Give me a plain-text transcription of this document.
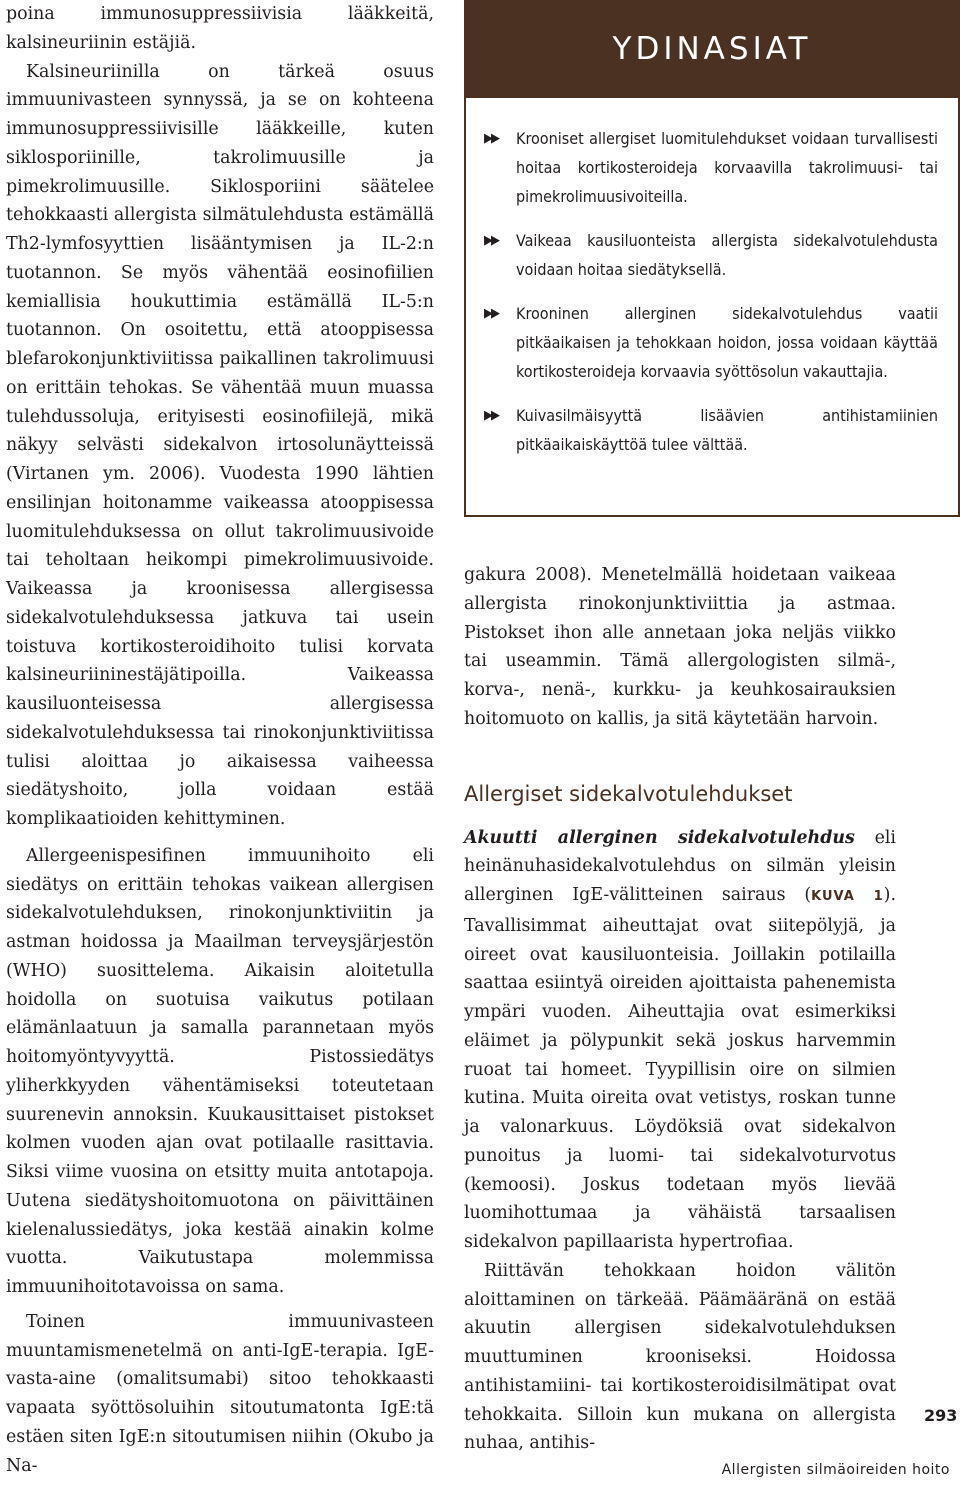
poina immunosuppressiivisia lääkkeitä, kalsineuriinin estäjiä.

Kalsineuriinilla on tärkeä osuus immuunivasteen synnyssä, ja se on kohteena immunosuppressiivisille lääkkeille, kuten siklosporiinille, takrolimuusille ja pimekrolimuusille. Siklosporiini säätelee tehokkaasti allergista silmätulehdusta estämällä Th2-lymfosyyttien lisääntymisen ja IL-2:n tuotannon. Se myös vähentää eosinofiilien kemiallisia houkuttimia estämällä IL-5:n tuotannon. On osoitettu, että atooppisessa blefarokonjunktiviitissa paikallinen takrolimuusi on erittäin tehokas. Se vähentää muun muassa tulehdussoluja, erityisesti eosinofiilejä, mikä näkyy selvästi sidekalvon irtosolunäytteissä (Virtanen ym. 2006). Vuodesta 1990 lähtien ensilinjan hoitonamme vaikeassa atooppisessa luomitulehduksessa on ollut takrolimuusivoide tai teholtaan heikompi pimekrolimuusivoide. Vaikeassa ja kroonisessa allergisessa sidekalvotulehduksessa jatkuva tai usein toistuva kortikosteroidihoito tulisi korvata kalsineuriininestäjätipoilla. Vaikeassa kausiluonteisessa allergisessa sidekalvotulehduksessa tai rinokonjunktiviitissa tulisi aloittaa jo aikaisessa vaiheessa siedätyshoito, jolla voidaan estää komplikaatioiden kehittyminen.

Allergeenispesifinen immuunihoito eli siedätys on erittäin tehokas vaikean allergisen sidekalvotulehduksen, rinokonjunktiviitin ja astman hoidossa ja Maailman terveysjärjestön (WHO) suosittelema. Aikaisin aloitetulla hoidolla on suotuisa vaikutus potilaan elämänlaatuun ja samalla parannetaan myös hoitomyöntyvyyttä. Pistossiedätys yliherkkyyden vähentämiseksi toteutetaan suurenevin annoksin. Kuukausittaiset pistokset kolmen vuoden ajan ovat potilaalle rasittavia. Siksi viime vuosina on etsitty muita antotapoja. Uutena siedätyshoitomuotona on päivittäinen kielenalussiedätys, joka kestää ainakin kolme vuotta. Vaikutustapa molemmissa immuunihoitotavoissa on sama.

Toinen immuunivasteen muuntamismenetelmä on anti-IgE-terapia. IgE-vasta-aine (omalitsumabi) sitoo tehokkaasti vapaata syöttösoluihin sitoutumatonta IgE:tä estäen siten IgE:n sitoutumisen niihin (Okubo ja Na-

YDINASIAT
▶▶ Krooniset allergiset luomitulehdukset voidaan turvallisesti hoitaa kortikosteroideja korvaavilla takrolimuusi- tai pimekrolimuusivoiteilla.
▶▶ Vaikeaa kausiluonteista allergista sidekalvotulehdusta voidaan hoitaa siedätyksellä.
▶▶ Krooninen allerginen sidekalvotulehdus vaatii pitkäaikaisen ja tehokkaan hoidon, jossa voidaan käyttää kortikosteroideja korvaavia syöttösolun vakauttajia.
▶▶ Kuivasilmäisyyttä lisäävien antihistamiinien pitkäaikaiskäyttöä tulee välttää.

gakura 2008). Menetelmällä hoidetaan vaikeaa allergista rinokonjunktiviittia ja astmaa. Pistokset ihon alle annetaan joka neljäs viikko tai useammin. Tämä allergologisten silmä-, korva-, nenä-, kurkku- ja keuhkosairauksien hoitomuoto on kallis, ja sitä käytetään harvoin.

Allergiset sidekalvotulehdukset

Akuutti allerginen sidekalvotulehdus eli heinänuhasidekalvotulehdus on silmän yleisin allerginen IgE-välitteinen sairaus (KUVA 1). Tavallisimmat aiheuttajat ovat siitepölyjä, ja oireet ovat kausiluonteisia. Joillakin potilailla saattaa esiintyä oireiden ajoittaista pahenemista ympäri vuoden. Aiheuttajia ovat esimerkiksi eläimet ja pölypunkit sekä joskus harvemmin ruoat tai homeet. Tyypillisin oire on silmien kutina. Muita oireita ovat vetistys, roskan tunne ja valonarkuus. Löydöksiä ovat sidekalvon punoitus ja luomi- tai sidekalvoturvotus (kemoosi). Joskus todetaan myös lievää luomihottumaa ja vähäistä tarsaalisen sidekalvon papillaarista hypertrofiaa.

Riittävän tehokkaan hoidon välitön aloittaminen on tärkeää. Päämääränä on estää akuutin allergisen sidekalvotulehduksen muuttuminen krooniseksi. Hoidossa antihistamiini- tai kortikosteroidisilmätipat ovat tehokkaita. Silloin kun mukana on allergista nuhaa, antihis-

293
Allergisten silmäoireiden hoito
